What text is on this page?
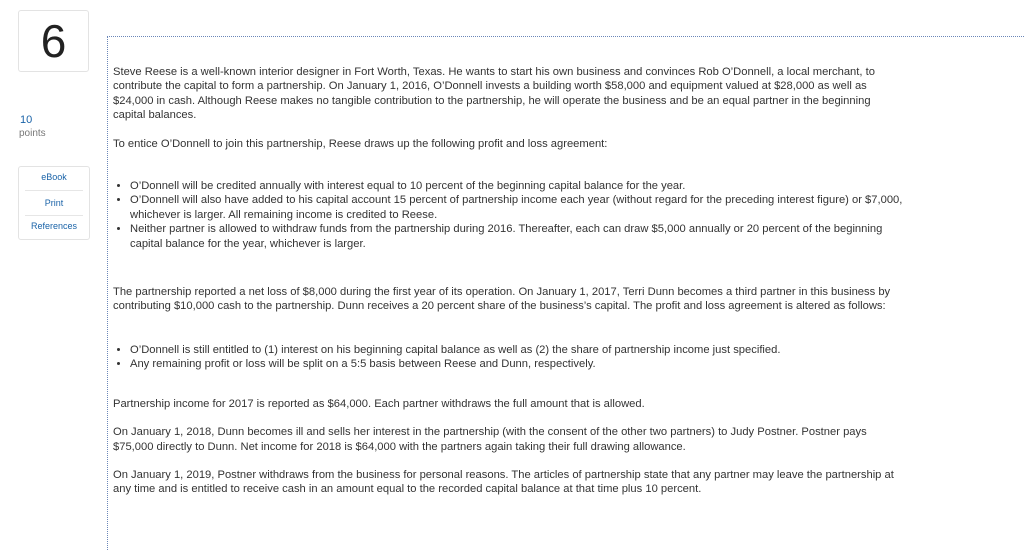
6
10
points
eBook
Print
References

Steve Reese is a well-known interior designer in Fort Worth, Texas. He wants to start his own business and convinces Rob O’Donnell, a local merchant, to contribute the capital to form a partnership. On January 1, 2016, O’Donnell invests a building worth $58,000 and equipment valued at $28,000 as well as $24,000 in cash. Although Reese makes no tangible contribution to the partnership, he will operate the business and be an equal partner in the beginning capital balances.

To entice O’Donnell to join this partnership, Reese draws up the following profit and loss agreement:

• O’Donnell will be credited annually with interest equal to 10 percent of the beginning capital balance for the year.
• O’Donnell will also have added to his capital account 15 percent of partnership income each year (without regard for the preceding interest figure) or $7,000, whichever is larger. All remaining income is credited to Reese.
• Neither partner is allowed to withdraw funds from the partnership during 2016. Thereafter, each can draw $5,000 annually or 20 percent of the beginning capital balance for the year, whichever is larger.

The partnership reported a net loss of $8,000 during the first year of its operation. On January 1, 2017, Terri Dunn becomes a third partner in this business by contributing $10,000 cash to the partnership. Dunn receives a 20 percent share of the business’s capital. The profit and loss agreement is altered as follows:

• O’Donnell is still entitled to (1) interest on his beginning capital balance as well as (2) the share of partnership income just specified.
• Any remaining profit or loss will be split on a 5:5 basis between Reese and Dunn, respectively.

Partnership income for 2017 is reported as $64,000. Each partner withdraws the full amount that is allowed.

On January 1, 2018, Dunn becomes ill and sells her interest in the partnership (with the consent of the other two partners) to Judy Postner. Postner pays $75,000 directly to Dunn. Net income for 2018 is $64,000 with the partners again taking their full drawing allowance.

On January 1, 2019, Postner withdraws from the business for personal reasons. The articles of partnership state that any partner may leave the partnership at any time and is entitled to receive cash in an amount equal to the recorded capital balance at that time plus 10 percent.
